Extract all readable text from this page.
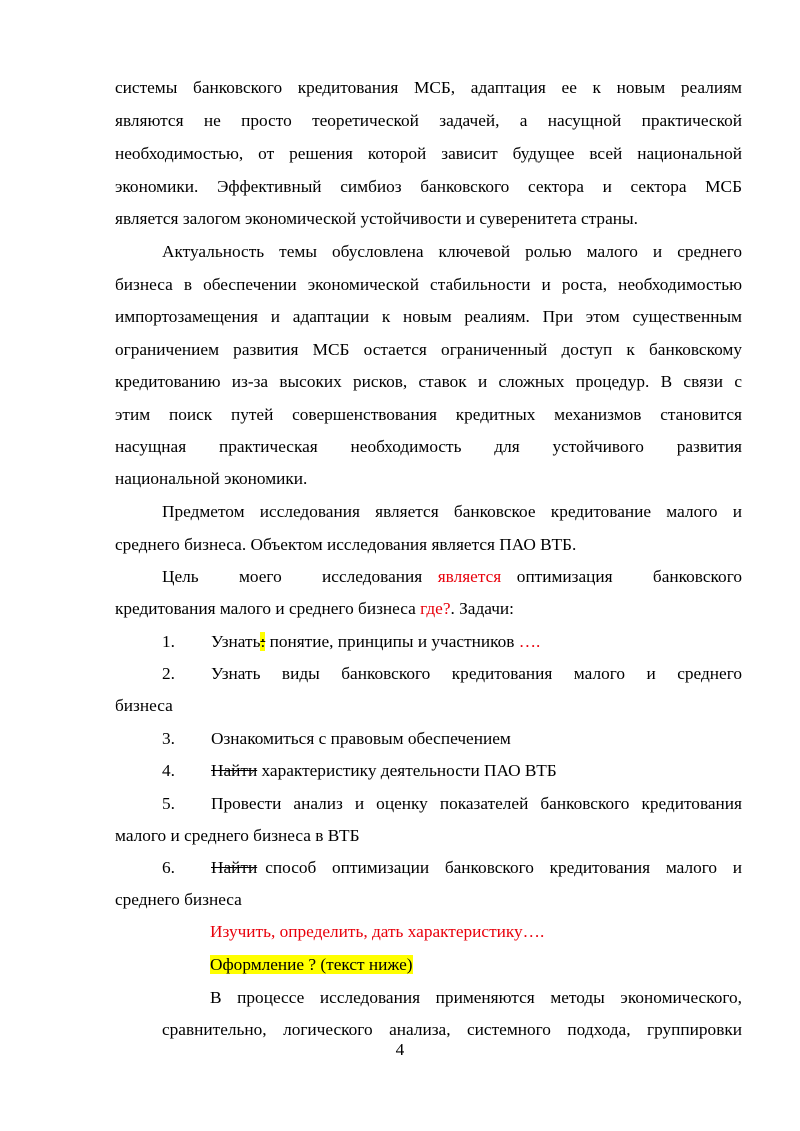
системы банковского кредитования МСБ, адаптация ее к новым реалиям
являются не просто теоретической задачей, а насущной практической
необходимостью, от решения которой зависит будущее всей национальной
экономики. Эффективный симбиоз банковского сектора и сектора МСБ
является залогом экономической устойчивости и суверенитета страны.
Актуальность темы обусловлена ключевой ролью малого и среднего
бизнеса в обеспечении экономической стабильности и роста, необходимостью
импортозамещения и адаптации к новым реалиям. При этом существенным
ограничением развития МСБ остается ограниченный доступ к банковскому
кредитованию из-за высоких рисков, ставок и сложных процедур. В связи с
этим поиск путей совершенствования кредитных механизмов становится
насущная практическая необходимость для устойчивого развития
национальной экономики.
Предметом исследования является банковское кредитование малого и
среднего бизнеса. Объектом исследования является ПАО ВТБ.
Цель моего исследования является оптимизация банковского
кредитования малого и среднего бизнеса где?. Задачи:
1. Узнать: понятие, принципы и участников ….
2.	Узнать виды банковского кредитования малого и среднего
бизнеса
3. Ознакомиться с правовым обеспечением
4. Найти характеристику деятельности ПАО ВТБ
5.	Провести анализ и оценку показателей банковского кредитования
малого и среднего бизнеса в ВТБ
6.	Найти способ оптимизации банковского кредитования малого и
среднего бизнеса
Изучить, определить, дать характеристику….
Оформление ? (текст ниже)
В процессе исследования применяются методы экономического,
сравнительно, логического анализа, системного подхода, группировки
4
